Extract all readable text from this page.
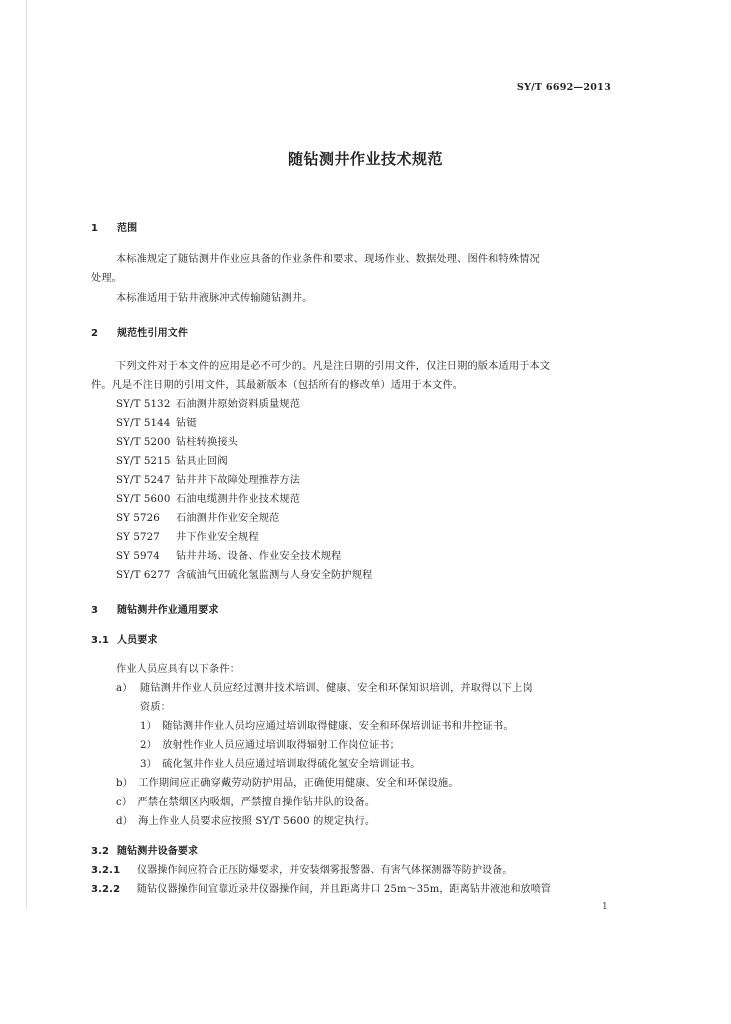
SY/T 6692—2013
随钻测井作业技术规范
1 范围
本标准规定了随钻测井作业应具备的作业条件和要求、现场作业、数据处理、图件和特殊情况
处理。
本标准适用于钻井液脉冲式传输随钻测井。
2 规范性引用文件
下列文件对于本文件的应用是必不可少的。凡是注日期的引用文件，仅注日期的版本适用于本文
件。凡是不注日期的引用文件，其最新版本（包括所有的修改单）适用于本文件。
SY/T 5132 石油测井原始资料质量规范
SY/T 5144 钻铤
SY/T 5200 钻柱转换接头
SY/T 5215 钻具止回阀
SY/T 5247 钻井井下故障处理推荐方法
SY/T 5600 石油电缆测井作业技术规范
SY 5726 石油测井作业安全规范
SY 5727 井下作业安全规程
SY 5974 钻井井场、设备、作业安全技术规程
SY/T 6277 含硫油气田硫化氢监测与人身安全防护规程
3 随钻测井作业通用要求
3.1 人员要求
作业人员应具有以下条件：
a） 随钻测井作业人员应经过测井技术培训、健康、安全和环保知识培训，并取得以下上岗
资质：
1）　随钻测井作业人员均应通过培训取得健康、安全和环保培训证书和井控证书。
2）　放射性作业人员应通过培训取得辐射工作岗位证书；
3）　硫化氢井作业人员应通过培训取得硫化氢安全培训证书。
b）　工作期间应正确穿戴劳动防护用品，正确使用健康、安全和环保设施。
c）　严禁在禁烟区内吸烟，严禁擅自操作钻井队的设备。
d）　海上作业人员要求应按照 SY/T 5600 的规定执行。
3.2 随钻测井设备要求
3.2.1 仪器操作间应符合正压防爆要求，并安装烟雾报警器、有害气体探测器等防护设备。
3.2.2 随钻仪器操作间宜靠近录井仪器操作间，并且距离井口 25m～35m，距离钻井液池和放喷管
1
